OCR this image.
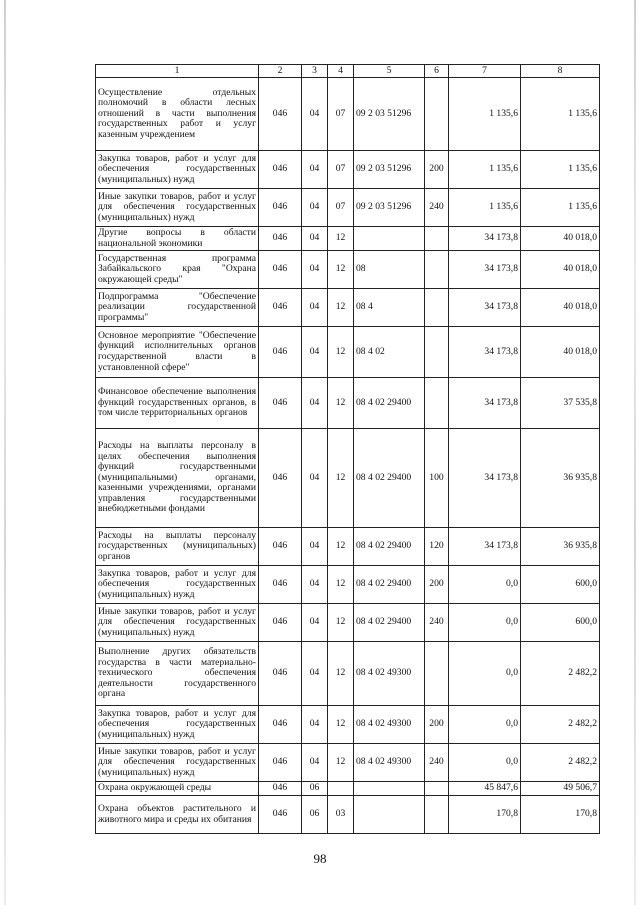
1	2	3	4	5	6	7	8
Осуществление отдельных полномочий в области лесных отношений в части выполнения государственных работ и услуг казенным учреждением	046	04	07	09 2 03 51296		1 135,6	1 135,6
Закупка товаров, работ и услуг для обеспечения государственных (муниципальных) нужд	046	04	07	09 2 03 51296	200	1 135,6	1 135,6
Иные закупки товаров, работ и услуг для обеспечения государственных (муниципальных) нужд	046	04	07	09 2 03 51296	240	1 135,6	1 135,6
Другие вопросы в области национальной экономики	046	04	12			34 173,8	40 018,0
Государственная программа Забайкальского края "Охрана окружающей среды"	046	04	12	08		34 173,8	40 018,0
Подпрограмма "Обеспечение реализации государственной программы"	046	04	12	08 4		34 173,8	40 018,0
Основное мероприятие "Обеспечение функций исполнительных органов государственной власти в установленной сфере"	046	04	12	08 4 02		34 173,8	40 018,0
Финансовое обеспечение выполнения функций государственных органов, в том числе территориальных органов	046	04	12	08 4 02 29400		34 173,8	37 535,8
Расходы на выплаты персоналу в целях обеспечения выполнения функций государственными (муниципальными) органами, казенными учреждениями, органами управления государственными внебюджетными фондами	046	04	12	08 4 02 29400	100	34 173,8	36 935,8
Расходы на выплаты персоналу государственных (муниципальных) органов	046	04	12	08 4 02 29400	120	34 173,8	36 935,8
Закупка товаров, работ и услуг для обеспечения государственных (муниципальных) нужд	046	04	12	08 4 02 29400	200	0,0	600,0
Иные закупки товаров, работ и услуг для обеспечения государственных (муниципальных) нужд	046	04	12	08 4 02 29400	240	0,0	600,0
Выполнение других обязательств государства в части материально-технического обеспечения деятельности государственного органа	046	04	12	08 4 02 49300		0,0	2 482,2
Закупка товаров, работ и услуг для обеспечения государственных (муниципальных) нужд	046	04	12	08 4 02 49300	200	0,0	2 482,2
Иные закупки товаров, работ и услуг для обеспечения государственных (муниципальных) нужд	046	04	12	08 4 02 49300	240	0,0	2 482,2
Охрана окружающей среды	046	06				45 847,6	49 506,7
Охрана объектов растительного и животного мира и среды их обитания	046	06	03			170,8	170,8
98
